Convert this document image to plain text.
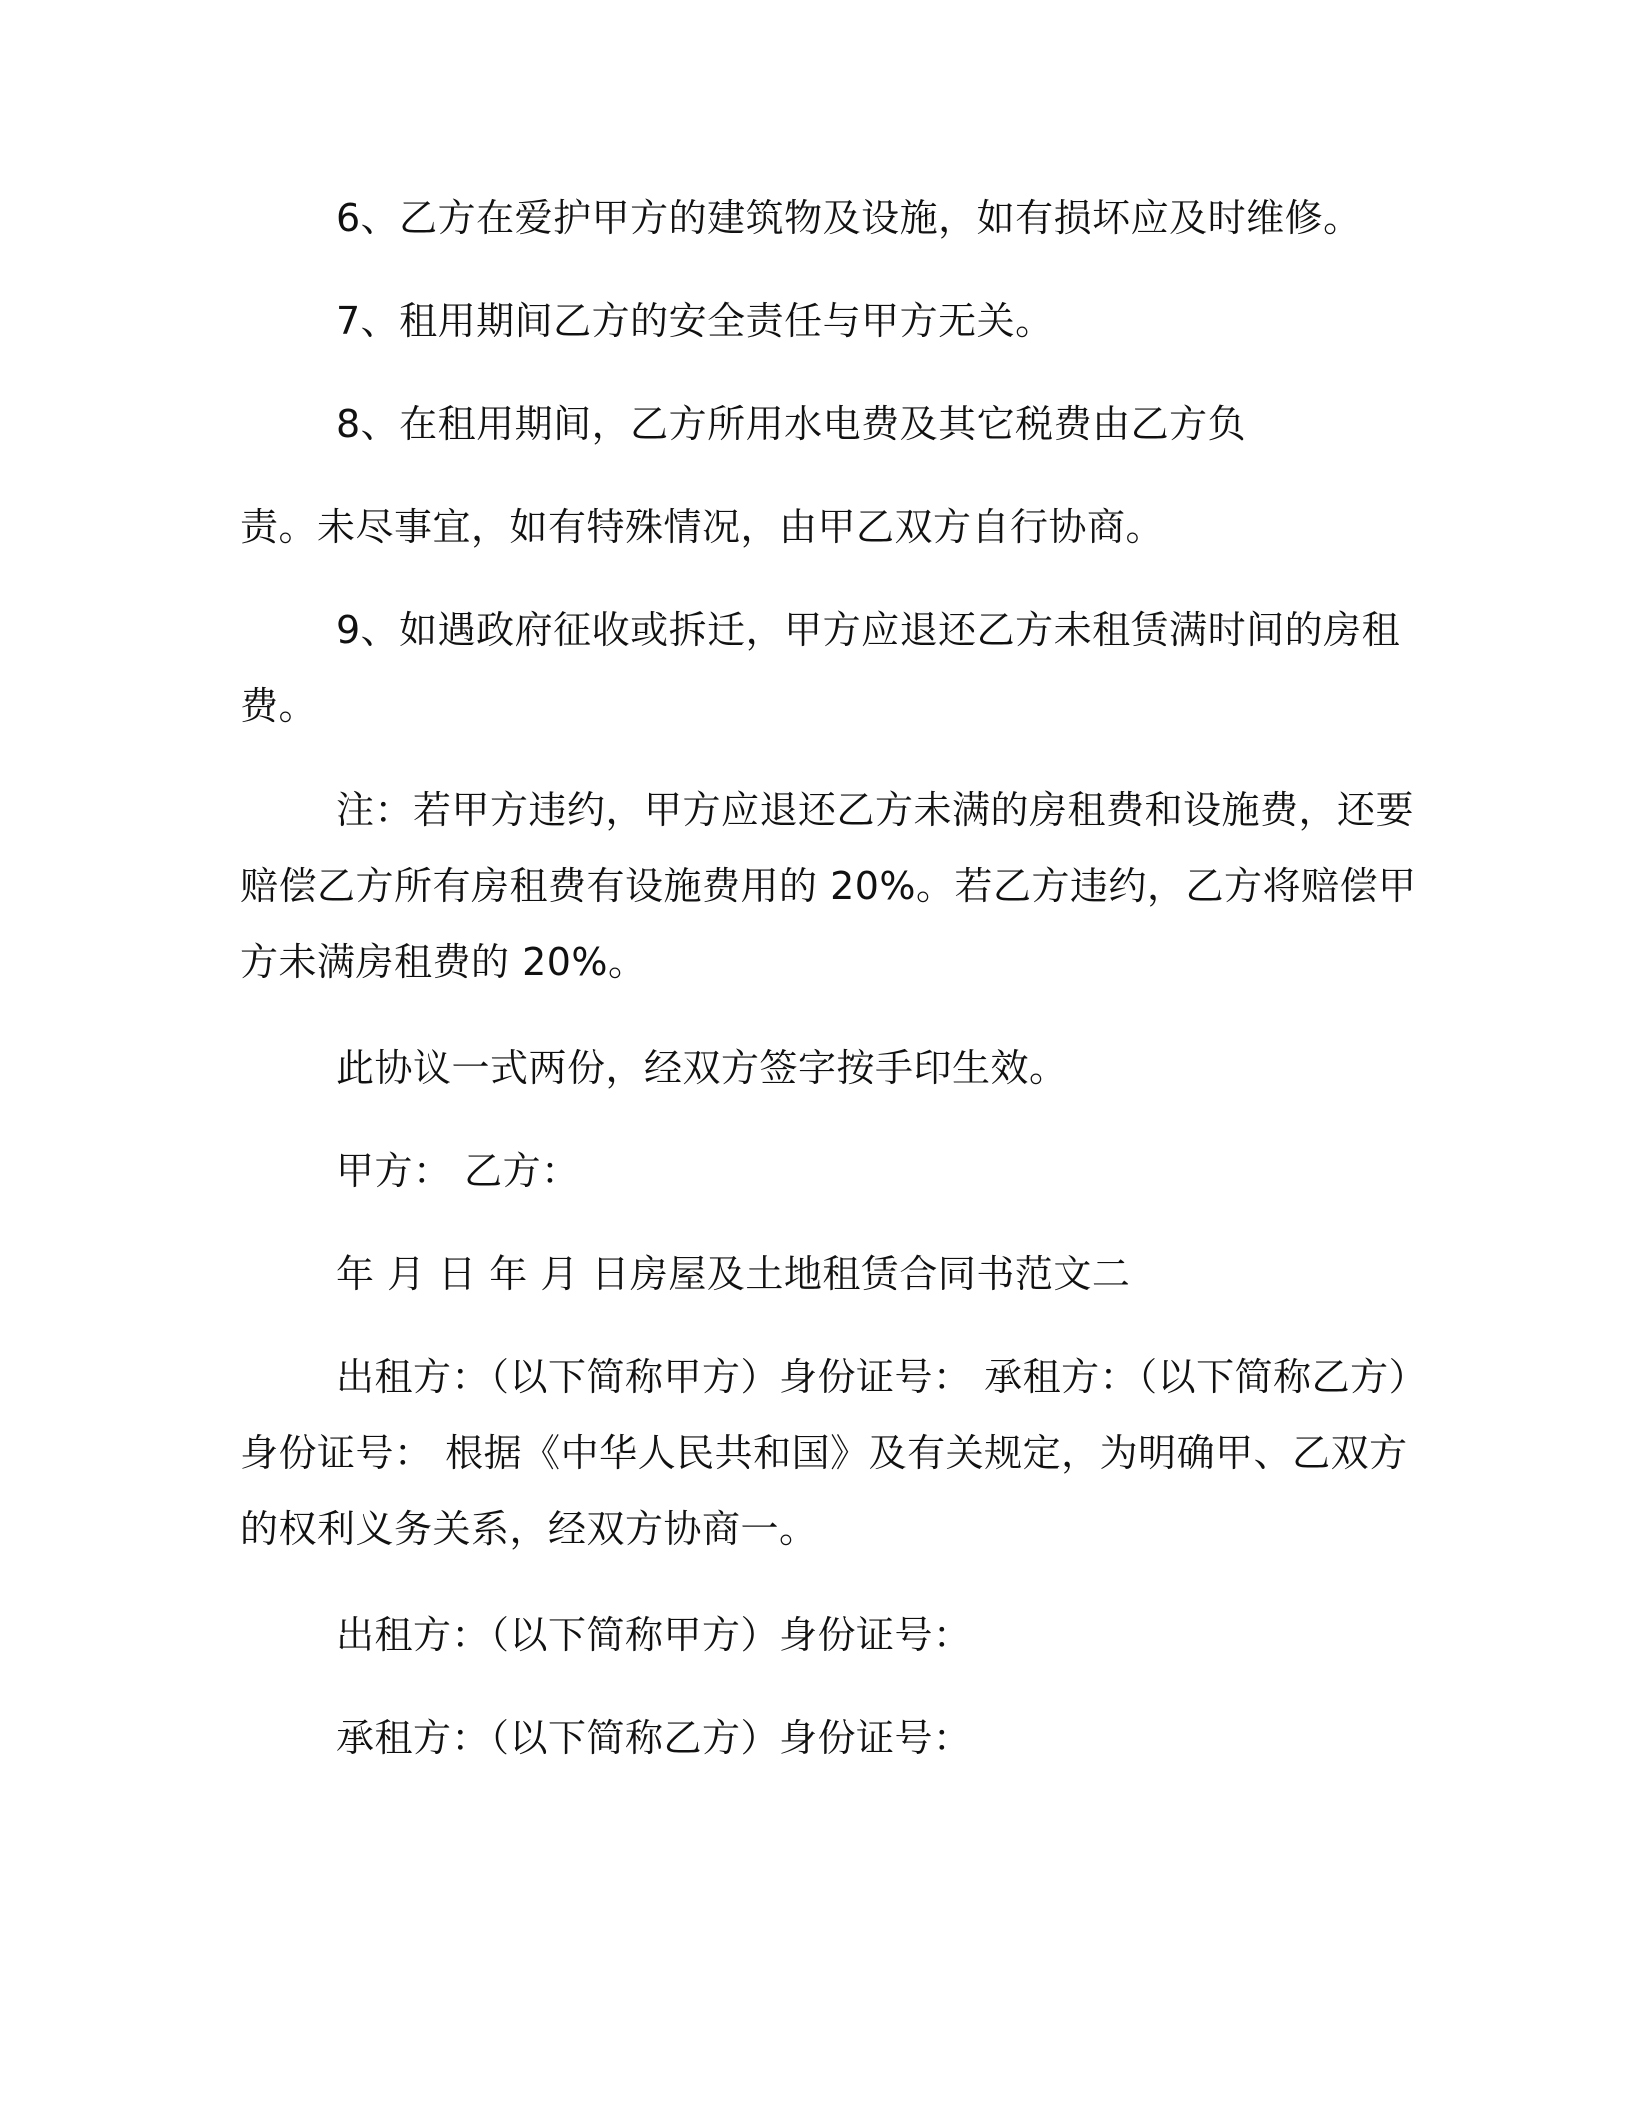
6、乙方在爱护甲方的建筑物及设施，如有损坏应及时维修。
7、租用期间乙方的安全责任与甲方无关。
8、在租用期间，乙方所用水电费及其它税费由乙方负
责。未尽事宜，如有特殊情况，由甲乙双方自行协商。
9、如遇政府征收或拆迁，甲方应退还乙方未租赁满时间的房租
费。
注：若甲方违约，甲方应退还乙方未满的房租费和设施费，还要
赔偿乙方所有房租费有设施费用的 20%。若乙方违约，乙方将赔偿甲
方未满房租费的 20%。
此协议一式两份，经双方签字按手印生效。
甲方： 乙方：
年 月 日 年 月 日房屋及土地租赁合同书范文二
出租方：（以下简称甲方）身份证号： 承租方：（以下简称乙方）
身份证号： 根据《中华人民共和国》及有关规定，为明确甲、乙双方
的权利义务关系，经双方协商一。
出租方：（以下简称甲方）身份证号：
承租方：（以下简称乙方）身份证号：
